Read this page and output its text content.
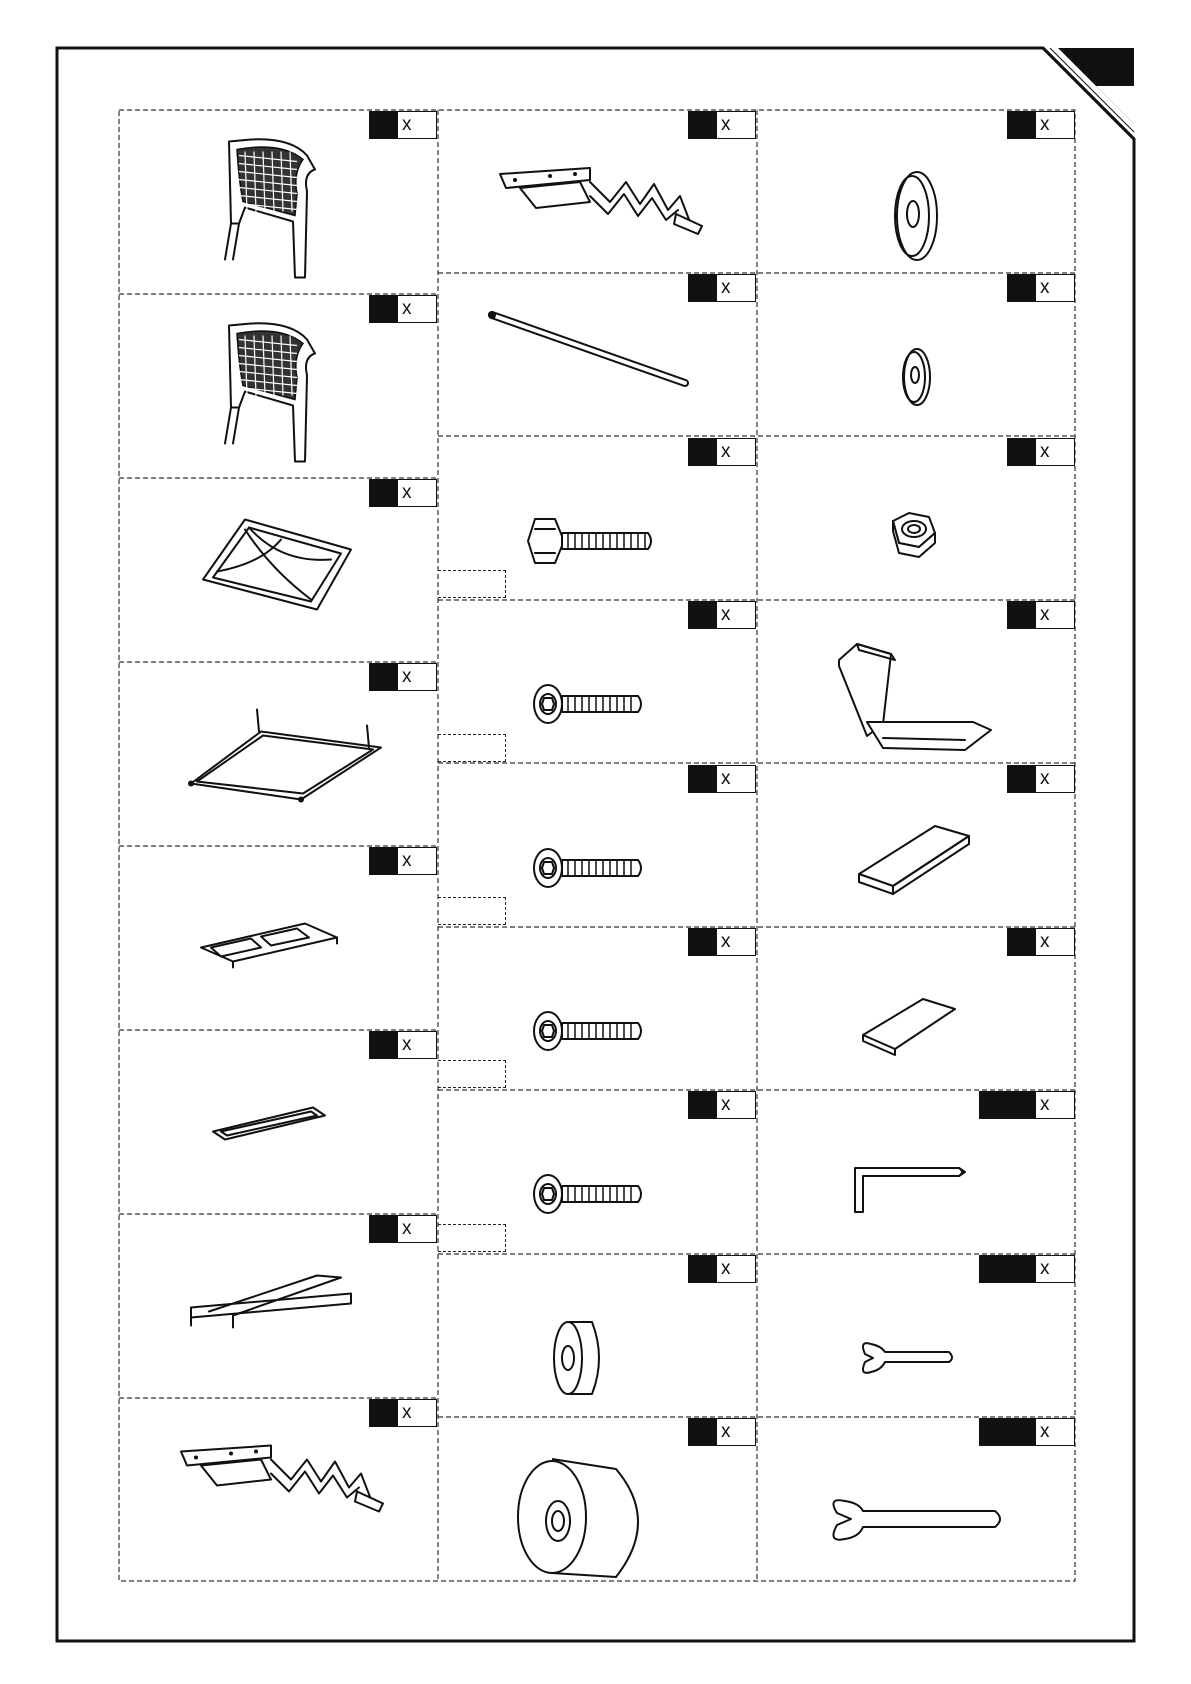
x
x
x
x
x
x
x
x
x
x
x
x
x
x
x
x
x
x
x
x
x
x
x
x
x
x
